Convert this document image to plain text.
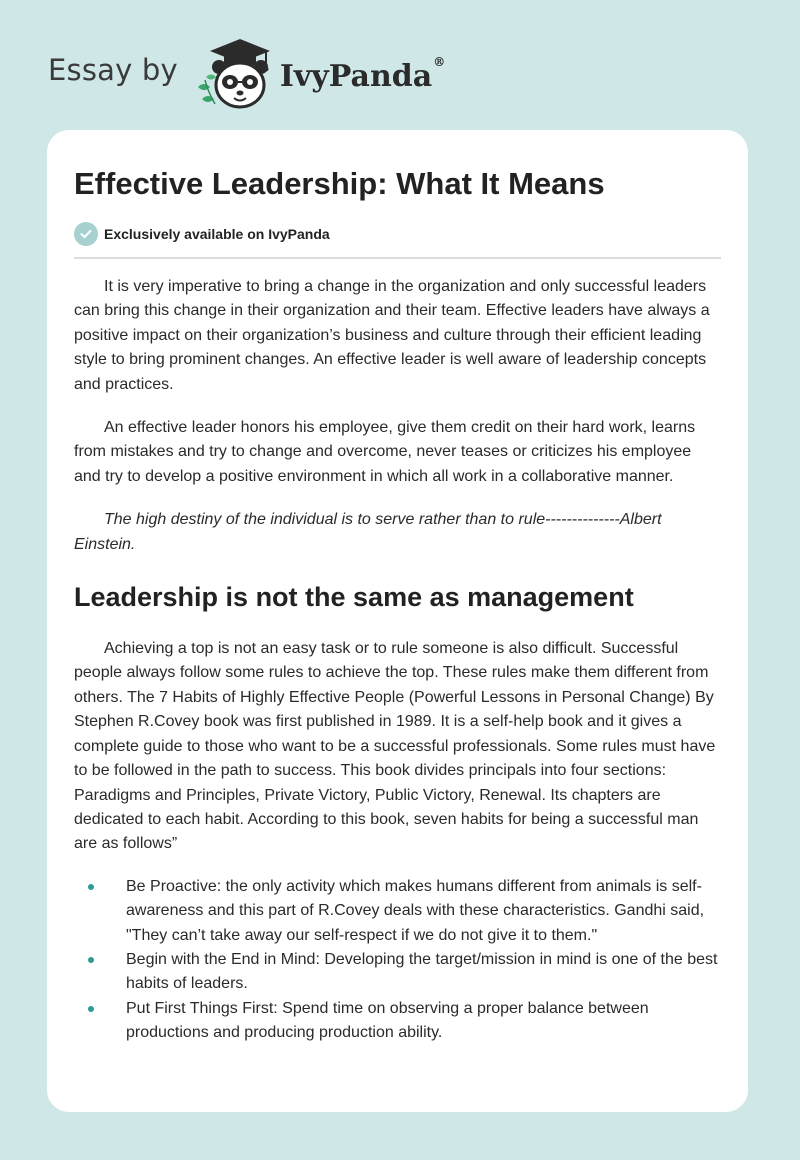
Essay by	IvyPanda®
Effective Leadership: What It Means
Exclusively available on IvyPanda

It is very imperative to bring a change in the organization and only successful leaders can bring this change in their organization and their team. Effective leaders have always a positive impact on their organization’s business and culture through their efficient leading style to bring prominent changes. An effective leader is well aware of leadership concepts and practices.

An effective leader honors his employee, give them credit on their hard work, learns from mistakes and try to change and overcome, never teases or criticizes his employee and try to develop a positive environment in which all work in a collaborative manner.

The high destiny of the individual is to serve rather than to rule--------------Albert Einstein.

Leadership is not the same as management

Achieving a top is not an easy task or to rule someone is also difficult. Successful people always follow some rules to achieve the top. These rules make them different from others. The 7 Habits of Highly Effective People (Powerful Lessons in Personal Change) By Stephen R.Covey book was first published in 1989. It is a self-help book and it gives a complete guide to those who want to be a successful professionals. Some rules must have to be followed in the path to success. This book divides principals into four sections: Paradigms and Principles, Private Victory, Public Victory, Renewal. Its chapters are dedicated to each habit. According to this book, seven habits for being a successful man are as follows”

Be Proactive: the only activity which makes humans different from animals is self-awareness and this part of R.Covey deals with these characteristics. Gandhi said, "They can’t take away our self-respect if we do not give it to them."
Begin with the End in Mind: Developing the target/mission in mind is one of the best habits of leaders.
Put First Things First: Spend time on observing a proper balance between productions and producing production ability.
